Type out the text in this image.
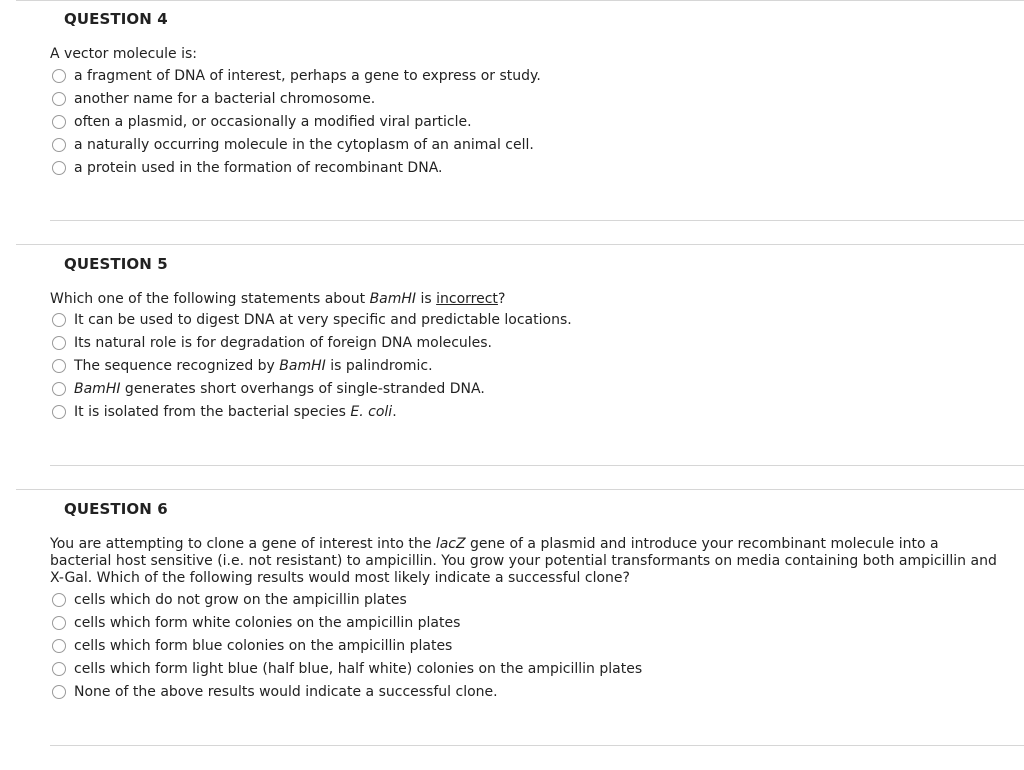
QUESTION 4
A vector molecule is:
a fragment of DNA of interest, perhaps a gene to express or study.
another name for a bacterial chromosome.
often a plasmid, or occasionally a modified viral particle.
a naturally occurring molecule in the cytoplasm of an animal cell.
a protein used in the formation of recombinant DNA.
QUESTION 5
Which one of the following statements about BamHI is incorrect?
It can be used to digest DNA at very specific and predictable locations.
Its natural role is for degradation of foreign DNA molecules.
The sequence recognized by BamHI is palindromic.
BamHI generates short overhangs of single-stranded DNA.
It is isolated from the bacterial species E. coli.
QUESTION 6
You are attempting to clone a gene of interest into the lacZ gene of a plasmid and introduce your recombinant molecule into a bacterial host sensitive (i.e. not resistant) to ampicillin. You grow your potential transformants on media containing both ampicillin and X-Gal. Which of the following results would most likely indicate a successful clone?
cells which do not grow on the ampicillin plates
cells which form white colonies on the ampicillin plates
cells which form blue colonies on the ampicillin plates
cells which form light blue (half blue, half white) colonies on the ampicillin plates
None of the above results would indicate a successful clone.
